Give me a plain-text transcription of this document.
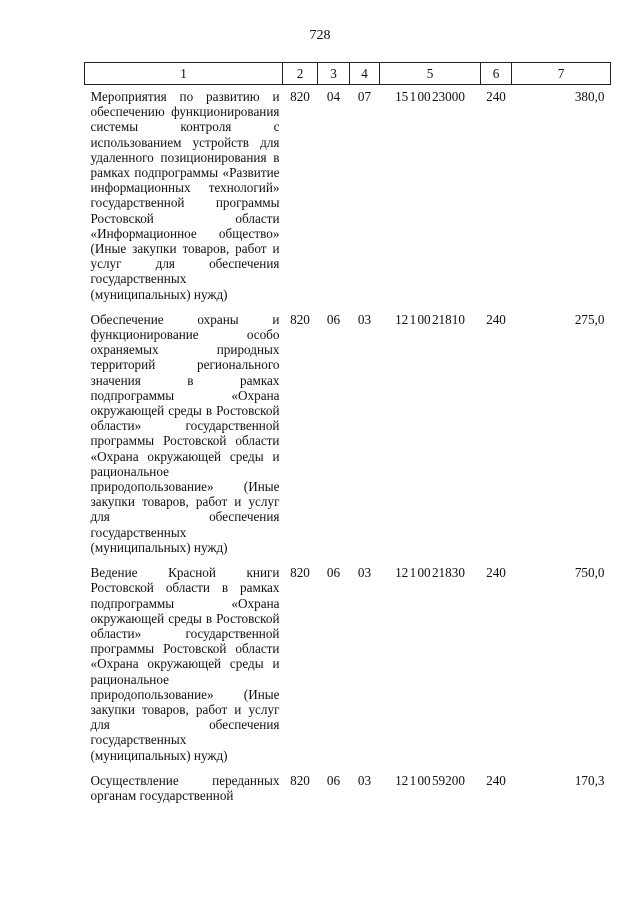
728
1	2	3	4	5	6	7
Мероприятия по развитию и обеспечению функционирования системы контроля с использованием устройств для удаленного позиционирования в рамках подпрограммы «Развитие информационных технологий» государственной программы Ростовской области «Информационное общество» (Иные закупки товаров, работ и услуг для обеспечения государственных (муниципальных) нужд)	820	04	07	15 1 00 23000	240	380,0
Обеспечение охраны и функционирование особо охраняемых природных территорий регионального значения в рамках подпрограммы «Охрана окружающей среды в Ростовской области» государственной программы Ростовской области «Охрана окружающей среды и рациональное природопользование» (Иные закупки товаров, работ и услуг для обеспечения государственных (муниципальных) нужд)	820	06	03	12 1 00 21810	240	275,0
Ведение Красной книги Ростовской области в рамках подпрограммы «Охрана окружающей среды в Ростовской области» государственной программы Ростовской области «Охрана окружающей среды и рациональное природопользование» (Иные закупки товаров, работ и услуг для обеспечения государственных (муниципальных) нужд)	820	06	03	12 1 00 21830	240	750,0

Осуществление переданных органам государственной	820	06	03	12 1 00 59200	240	170,3
